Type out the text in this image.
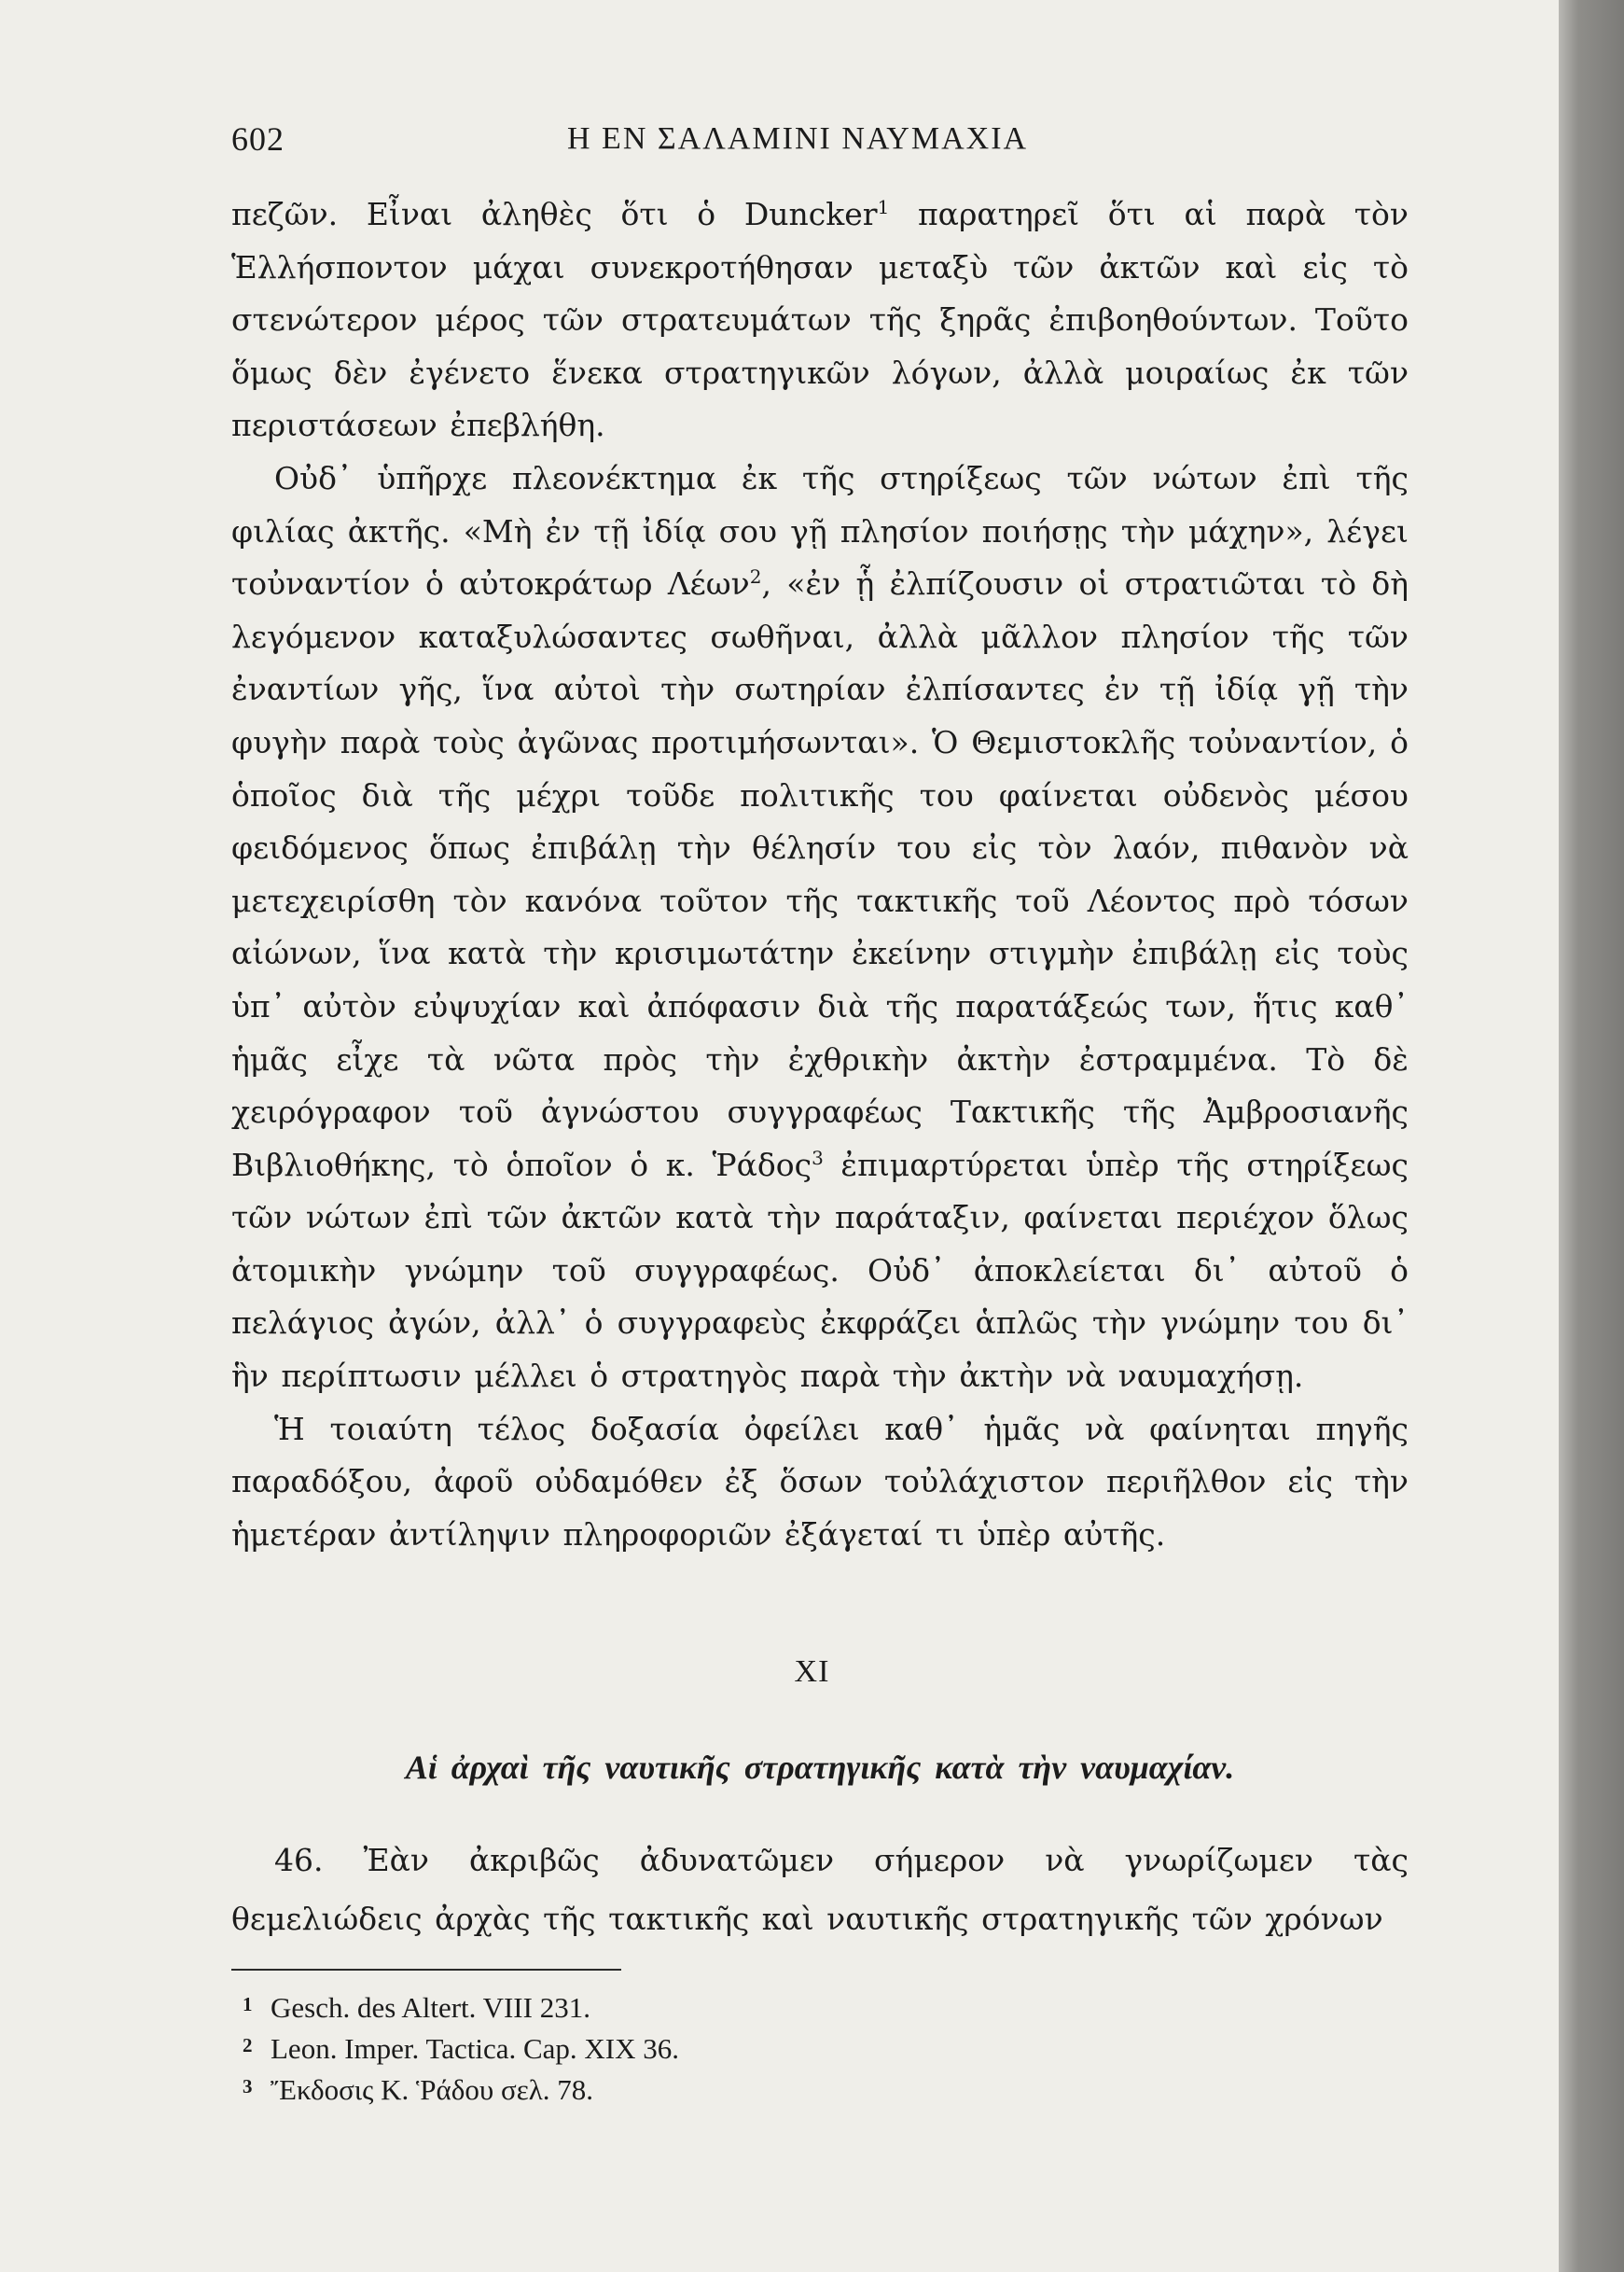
602	Η ΕΝ ΣΑΛΑΜΙΝΙ ΝΑΥΜΑΧΙΑ

πεζῶν. Εἶναι ἀληθὲς ὅτι ὁ Duncker$^1$ παρατηρεῖ ὅτι αἱ παρὰ τὸν Ἑλλήσποντον μάχαι συνεκροτήθησαν μεταξὺ τῶν ἀκτῶν καὶ εἰς τὸ στενώτερον μέρος τῶν στρατευμάτων τῆς ξηρᾶς ἐπιβοηθούντων. Τοῦτο ὅμως δὲν ἐγένετο ἕνεκα στρατηγικῶν λόγων, ἀλλὰ μοιραίως ἐκ τῶν περιστάσεων ἐπεβλήθη.

Οὐδ᾿ ὑπῆρχε πλεονέκτημα ἐκ τῆς στηρίξεως τῶν νώτων ἐπὶ τῆς φιλίας ἀκτῆς. «Μὴ ἐν τῇ ἰδίᾳ σου γῇ πλησίον ποιήσῃς τὴν μάχην», λέγει τοὐναντίον ὁ αὐτοκράτωρ Λέων$^2$, «ἐν ᾗ ἐλπίζουσιν οἱ στρατιῶται τὸ δὴ λεγόμενον καταξυλώσαντες σωθῆναι, ἀλλὰ μᾶλλον πλησίον τῆς τῶν ἐναντίων γῆς, ἵνα αὐτοὶ τὴν σωτηρίαν ἐλπίσαντες ἐν τῇ ἰδίᾳ γῇ τὴν φυγὴν παρὰ τοὺς ἀγῶνας προτιμήσωνται». Ὁ Θεμιστοκλῆς τοὐναντίον, ὁ ὁποῖος διὰ τῆς μέχρι τοῦδε πολιτικῆς του φαίνεται οὐδενὸς μέσου φειδόμενος ὅπως ἐπιβάλῃ τὴν θέλησίν του εἰς τὸν λαόν, πιθανὸν νὰ μετεχειρίσθη τὸν κανόνα τοῦτον τῆς τακτικῆς τοῦ Λέοντος πρὸ τόσων αἰώνων, ἵνα κατὰ τὴν κρισιμωτάτην ἐκείνην στιγμὴν ἐπιβάλῃ εἰς τοὺς ὑπ᾿ αὐτὸν εὐψυχίαν καὶ ἀπόφασιν διὰ τῆς παρατάξεώς των, ἥτις καθ᾿ ἡμᾶς εἶχε τὰ νῶτα πρὸς τὴν ἐχθρικὴν ἀκτὴν ἐστραμμένα. Τὸ δὲ χειρόγραφον τοῦ ἀγνώστου συγγραφέως Τακτικῆς τῆς Ἀμβροσιανῆς Βιβλιοθήκης, τὸ ὁποῖον ὁ κ. Ῥάδος$^3$ ἐπιμαρτύρεται ὑπὲρ τῆς στηρίξεως τῶν νώτων ἐπὶ τῶν ἀκτῶν κατὰ τὴν παράταξιν, φαίνεται περιέχον ὅλως ἀτομικὴν γνώμην τοῦ συγγραφέως. Οὐδ᾿ ἀποκλείεται δι᾿ αὐτοῦ ὁ πελάγιος ἀγών, ἀλλ᾿ ὁ συγγραφεὺς ἐκφράζει ἁπλῶς τὴν γνώμην του δι᾿ ἣν περίπτωσιν μέλλει ὁ στρατηγὸς παρὰ τὴν ἀκτὴν νὰ ναυμαχήσῃ.

Ἡ τοιαύτη τέλος δοξασία ὀφείλει καθ᾿ ἡμᾶς νὰ φαίνηται πηγῆς παραδόξου, ἀφοῦ οὐδαμόθεν ἐξ ὅσων τοὐλάχιστον περιῆλθον εἰς τὴν ἡμετέραν ἀντίληψιν πληροφοριῶν ἐξάγεταί τι ὑπὲρ αὐτῆς.

XI
Αἱ ἀρχαὶ τῆς ναυτικῆς στρατηγικῆς κατὰ τὴν ναυμαχίαν.

46. Ἐὰν ἀκριβῶς ἀδυνατῶμεν σήμερον νὰ γνωρίζωμεν τὰς θεμελιώδεις ἀρχὰς τῆς τακτικῆς καὶ ναυτικῆς στρατηγικῆς τῶν χρόνων

1 Gesch. des Altert. VIII 231.
2 Leon. Imper. Tactica. Cap. XIX 36.
3 Ἔκδοσις Κ. Ῥάδου σελ. 78.
